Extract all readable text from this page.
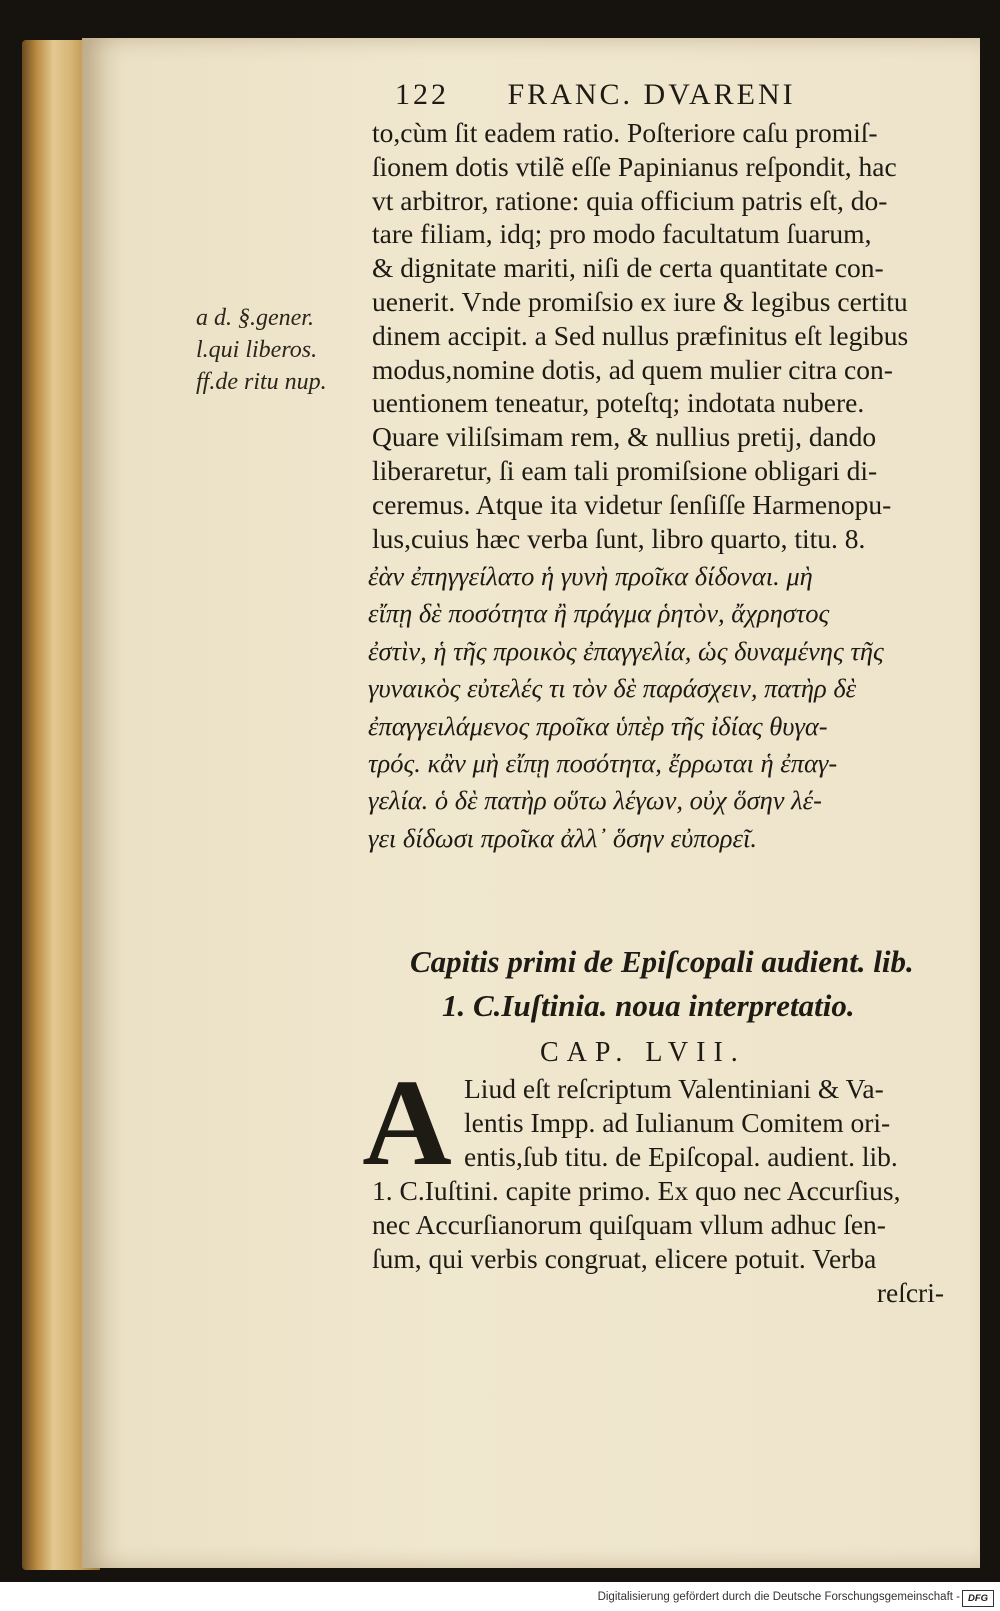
122 FRANC. DVARENI
to,cùm ſit eadem ratio. Poſteriore caſu promiſ-
ſionem dotis vtilẽ eſſe Papinianus reſpondit, hac
vt arbitror, ratione: quia officium patris eſt, do-
tare filiam, idq; pro modo facultatum ſuarum,
& dignitate mariti, niſi de certa quantitate con-
uenerit. Vnde promiſsio ex iure & legibus certitu
dinem accipit. a Sed nullus præfinitus eſt legibus
modus,nomine dotis, ad quem mulier citra con-
uentionem teneatur, poteſtq; indotata nubere.
Quare viliſsimam rem, & nullius pretij, dando
liberaretur, ſi eam tali promiſsione obligari di-
ceremus. Atque ita videtur ſenſiſſe Harmenopu-
lus,cuius hæc verba ſunt, libro quarto, titu. 8.
a d. §.gener.
l.qui liberos.
ff.de ritu nup.
ἐὰν ἐπηγγείλατο ἡ γυνὴ προῖκα δίδοναι. μὴ
εἴπῃ δὲ ποσότητα ἢ πράγμα ῥητὸν, ἄχρηστος
ἐστὶν, ἡ τῆς προικὸς ἐπαγγελία, ὡς δυναμένης τῆς
γυναικὸς εὐτελές τι τὸν δὲ παράσχειν, πατὴρ δὲ
ἐπαγγειλάμενος προῖκα ὑπὲρ τῆς ἰδίας θυγα-
τρός. κἂν μὴ εἴπῃ ποσότητα, ἔρρωται ἡ ἐπαγ-
γελία. ὁ δὲ πατὴρ οὕτω λέγων, οὐχ ὅσην λέ-
γει δίδωσι προῖκα ἀλλ᾽ ὅσην εὐπορεῖ.
Capitis primi de Epiſcopali audient. lib.
1. C.Iuſtinia. noua interpretatio.
CAP. LVII.
A Liud eſt reſcriptum Valentiniani & Va-
lentis Impp. ad Iulianum Comitem ori-
entis,ſub titu. de Epiſcopal. audient. lib.
1. C.Iuſtini. capite primo. Ex quo nec Accurſius,
nec Accurſianorum quiſquam vllum adhuc ſen-
ſum, qui verbis congruat, elicere potuit. Verba
reſcri-
Digitalisierung gefördert durch die Deutsche Forschungsgemeinschaft - DFG
